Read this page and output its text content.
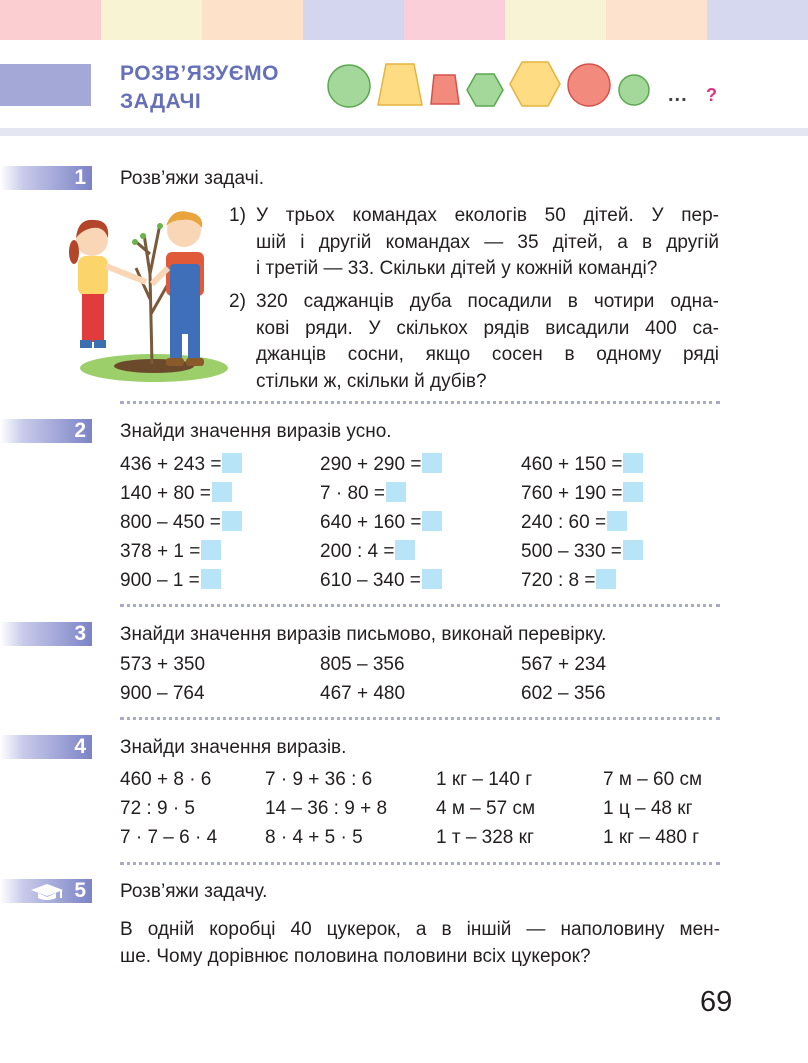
РОЗВ’ЯЗУЄМО
ЗАДАЧІ	... ?
1 Розв’яжи задачі.
1) У трьох командах екологів 50 дітей. У пер-
шій і другій командах — 35 дітей, а в другій
і третій — 33. Скільки дітей у кожній команді?
2) 320 саджанців дуба посадили в чотири одна-
кові ряди. У скількох рядів висадили 400 са-
джанців сосни, якщо сосен в одному ряді
стільки ж, скільки й дубів?
2 Знайди значення виразів усно.
436 + 243 =
140 + 80 =
800 – 450 =
378 + 1 =
900 – 1 =
290 + 290 =
7 · 80 =
640 + 160 =
200 : 4 =
610 – 340 =
460 + 150 =
760 + 190 =
240 : 60 =
500 – 330 =
720 : 8 =
3 Знайди значення виразів письмово, виконай перевірку.
573 + 350
900 – 764
805 – 356
467 + 480
567 + 234
602 – 356
4 Знайди значення виразів.
460 + 8 · 6
72 : 9 · 5
7 · 7 – 6 · 4
7 · 9 + 36 : 6
14 – 36 : 9 + 8
8 · 4 + 5 · 5
1 кг – 140 г
4 м – 57 см
1 т – 328 кг
7 м – 60 см
1 ц – 48 кг
1 кг – 480 г
5 Розв’яжи задачу.
В одній коробці 40 цукерок, а в іншій — наполовину мен-
ше. Чому дорівнює половина половини всіх цукерок?
69
